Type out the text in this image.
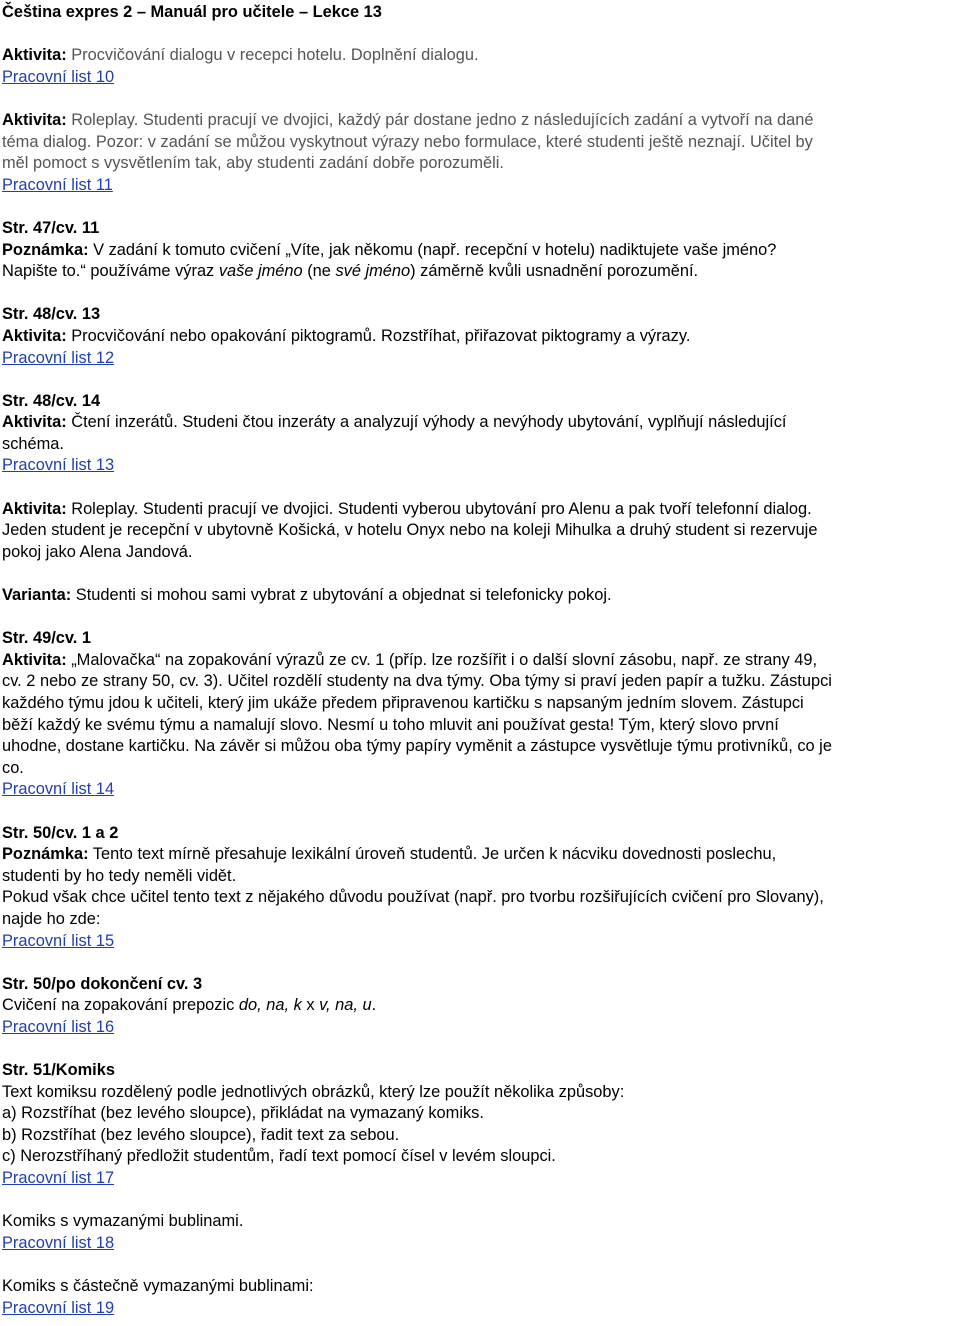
Čeština expres 2 – Manuál pro učitele – Lekce 13
Aktivita: Procvičování dialogu v recepci hotelu. Doplnění dialogu.
Pracovní list 10
Aktivita: Roleplay. Studenti pracují ve dvojici, každý pár dostane jedno z následujících zadání a vytvoří na dané
téma dialog. Pozor: v zadání se můžou vyskytnout výrazy nebo formulace, které studenti ještě neznají. Učitel by
měl pomoct s vysvětlením tak, aby studenti zadání dobře porozuměli.
Pracovní list 11
Str. 47/cv. 11
Poznámka: V zadání k tomuto cvičení „Víte, jak někomu (např. recepční v hotelu) nadiktujete vaše jméno?
Napište to.“ používáme výraz vaše jméno (ne své jméno) záměrně kvůli usnadnění porozumění.
Str. 48/cv. 13
Aktivita: Procvičování nebo opakování piktogramů. Rozstříhat, přiřazovat piktogramy a výrazy.
Pracovní list 12
Str. 48/cv. 14
Aktivita: Čtení inzerátů. Studeni čtou inzeráty a analyzují výhody a nevýhody ubytování, vyplňují následující
schéma.
Pracovní list 13
Aktivita: Roleplay. Studenti pracují ve dvojici. Studenti vyberou ubytování pro Alenu a pak tvoří telefonní dialog.
Jeden student je recepční v ubytovně Košická, v hotelu Onyx nebo na koleji Mihulka a druhý student si rezervuje
pokoj jako Alena Jandová.
Varianta: Studenti si mohou sami vybrat z ubytování a objednat si telefonicky pokoj.
Str. 49/cv. 1
Aktivita: „Malovačka“ na zopakování výrazů ze cv. 1 (příp. lze rozšířit i o další slovní zásobu, např. ze strany 49,
cv. 2 nebo ze strany 50, cv. 3). Učitel rozdělí studenty na dva týmy. Oba týmy si praví jeden papír a tužku. Zástupci
každého týmu jdou k učiteli, který jim ukáže předem připravenou kartičku s napsaným jedním slovem. Zástupci
běží každý ke svému týmu a namalují slovo. Nesmí u toho mluvit ani používat gesta! Tým, který slovo první
uhodne, dostane kartičku. Na závěr si můžou oba týmy papíry vyměnit a zástupce vysvětluje týmu protivníků, co je
co.
Pracovní list 14
Str. 50/cv. 1 a 2
Poznámka: Tento text mírně přesahuje lexikální úroveň studentů. Je určen k nácviku dovednosti poslechu,
studenti by ho tedy neměli vidět.
Pokud však chce učitel tento text z nějakého důvodu používat (např. pro tvorbu rozšiřujících cvičení pro Slovany),
najde ho zde:
Pracovní list 15
Str. 50/po dokončení cv. 3
Cvičení na zopakování prepozic do, na, k x v, na, u.
Pracovní list 16
Str. 51/Komiks
Text komiksu rozdělený podle jednotlivých obrázků, který lze použít několika způsoby:
a) Rozstříhat (bez levého sloupce), přikládat na vymazaný komiks.
b) Rozstříhat (bez levého sloupce), řadit text za sebou.
c) Nerozstříhaný předložit studentům, řadí text pomocí čísel v levém sloupci.
Pracovní list 17
Komiks s vymazanými bublinami.
Pracovní list 18
Komiks s částečně vymazanými bublinami:
Pracovní list 19
